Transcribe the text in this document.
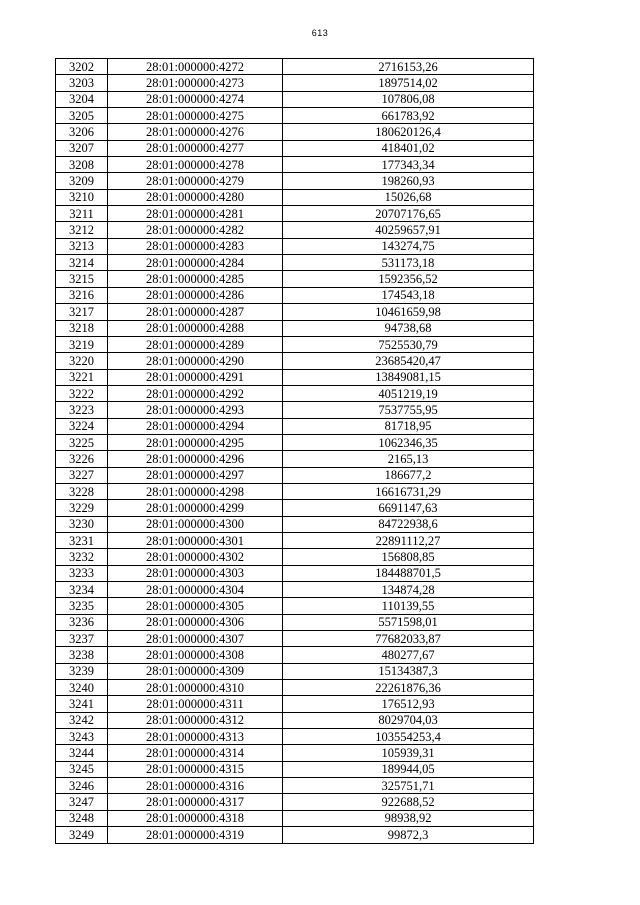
613
3202	28:01:000000:4272	2716153,26
3203	28:01:000000:4273	1897514,02
3204	28:01:000000:4274	107806,08
3205	28:01:000000:4275	661783,92
3206	28:01:000000:4276	180620126,4
3207	28:01:000000:4277	418401,02
3208	28:01:000000:4278	177343,34
3209	28:01:000000:4279	198260,93
3210	28:01:000000:4280	15026,68
3211	28:01:000000:4281	20707176,65
3212	28:01:000000:4282	40259657,91
3213	28:01:000000:4283	143274,75
3214	28:01:000000:4284	531173,18
3215	28:01:000000:4285	1592356,52
3216	28:01:000000:4286	174543,18
3217	28:01:000000:4287	10461659,98
3218	28:01:000000:4288	94738,68
3219	28:01:000000:4289	7525530,79
3220	28:01:000000:4290	23685420,47
3221	28:01:000000:4291	13849081,15
3222	28:01:000000:4292	4051219,19
3223	28:01:000000:4293	7537755,95
3224	28:01:000000:4294	81718,95
3225	28:01:000000:4295	1062346,35
3226	28:01:000000:4296	2165,13
3227	28:01:000000:4297	186677,2
3228	28:01:000000:4298	16616731,29
3229	28:01:000000:4299	6691147,63
3230	28:01:000000:4300	84722938,6
3231	28:01:000000:4301	22891112,27
3232	28:01:000000:4302	156808,85
3233	28:01:000000:4303	184488701,5
3234	28:01:000000:4304	134874,28
3235	28:01:000000:4305	110139,55
3236	28:01:000000:4306	5571598,01
3237	28:01:000000:4307	77682033,87
3238	28:01:000000:4308	480277,67
3239	28:01:000000:4309	15134387,3
3240	28:01:000000:4310	22261876,36
3241	28:01:000000:4311	176512,93
3242	28:01:000000:4312	8029704,03
3243	28:01:000000:4313	103554253,4
3244	28:01:000000:4314	105939,31
3245	28:01:000000:4315	189944,05
3246	28:01:000000:4316	325751,71
3247	28:01:000000:4317	922688,52
3248	28:01:000000:4318	98938,92
3249	28:01:000000:4319	99872,3
